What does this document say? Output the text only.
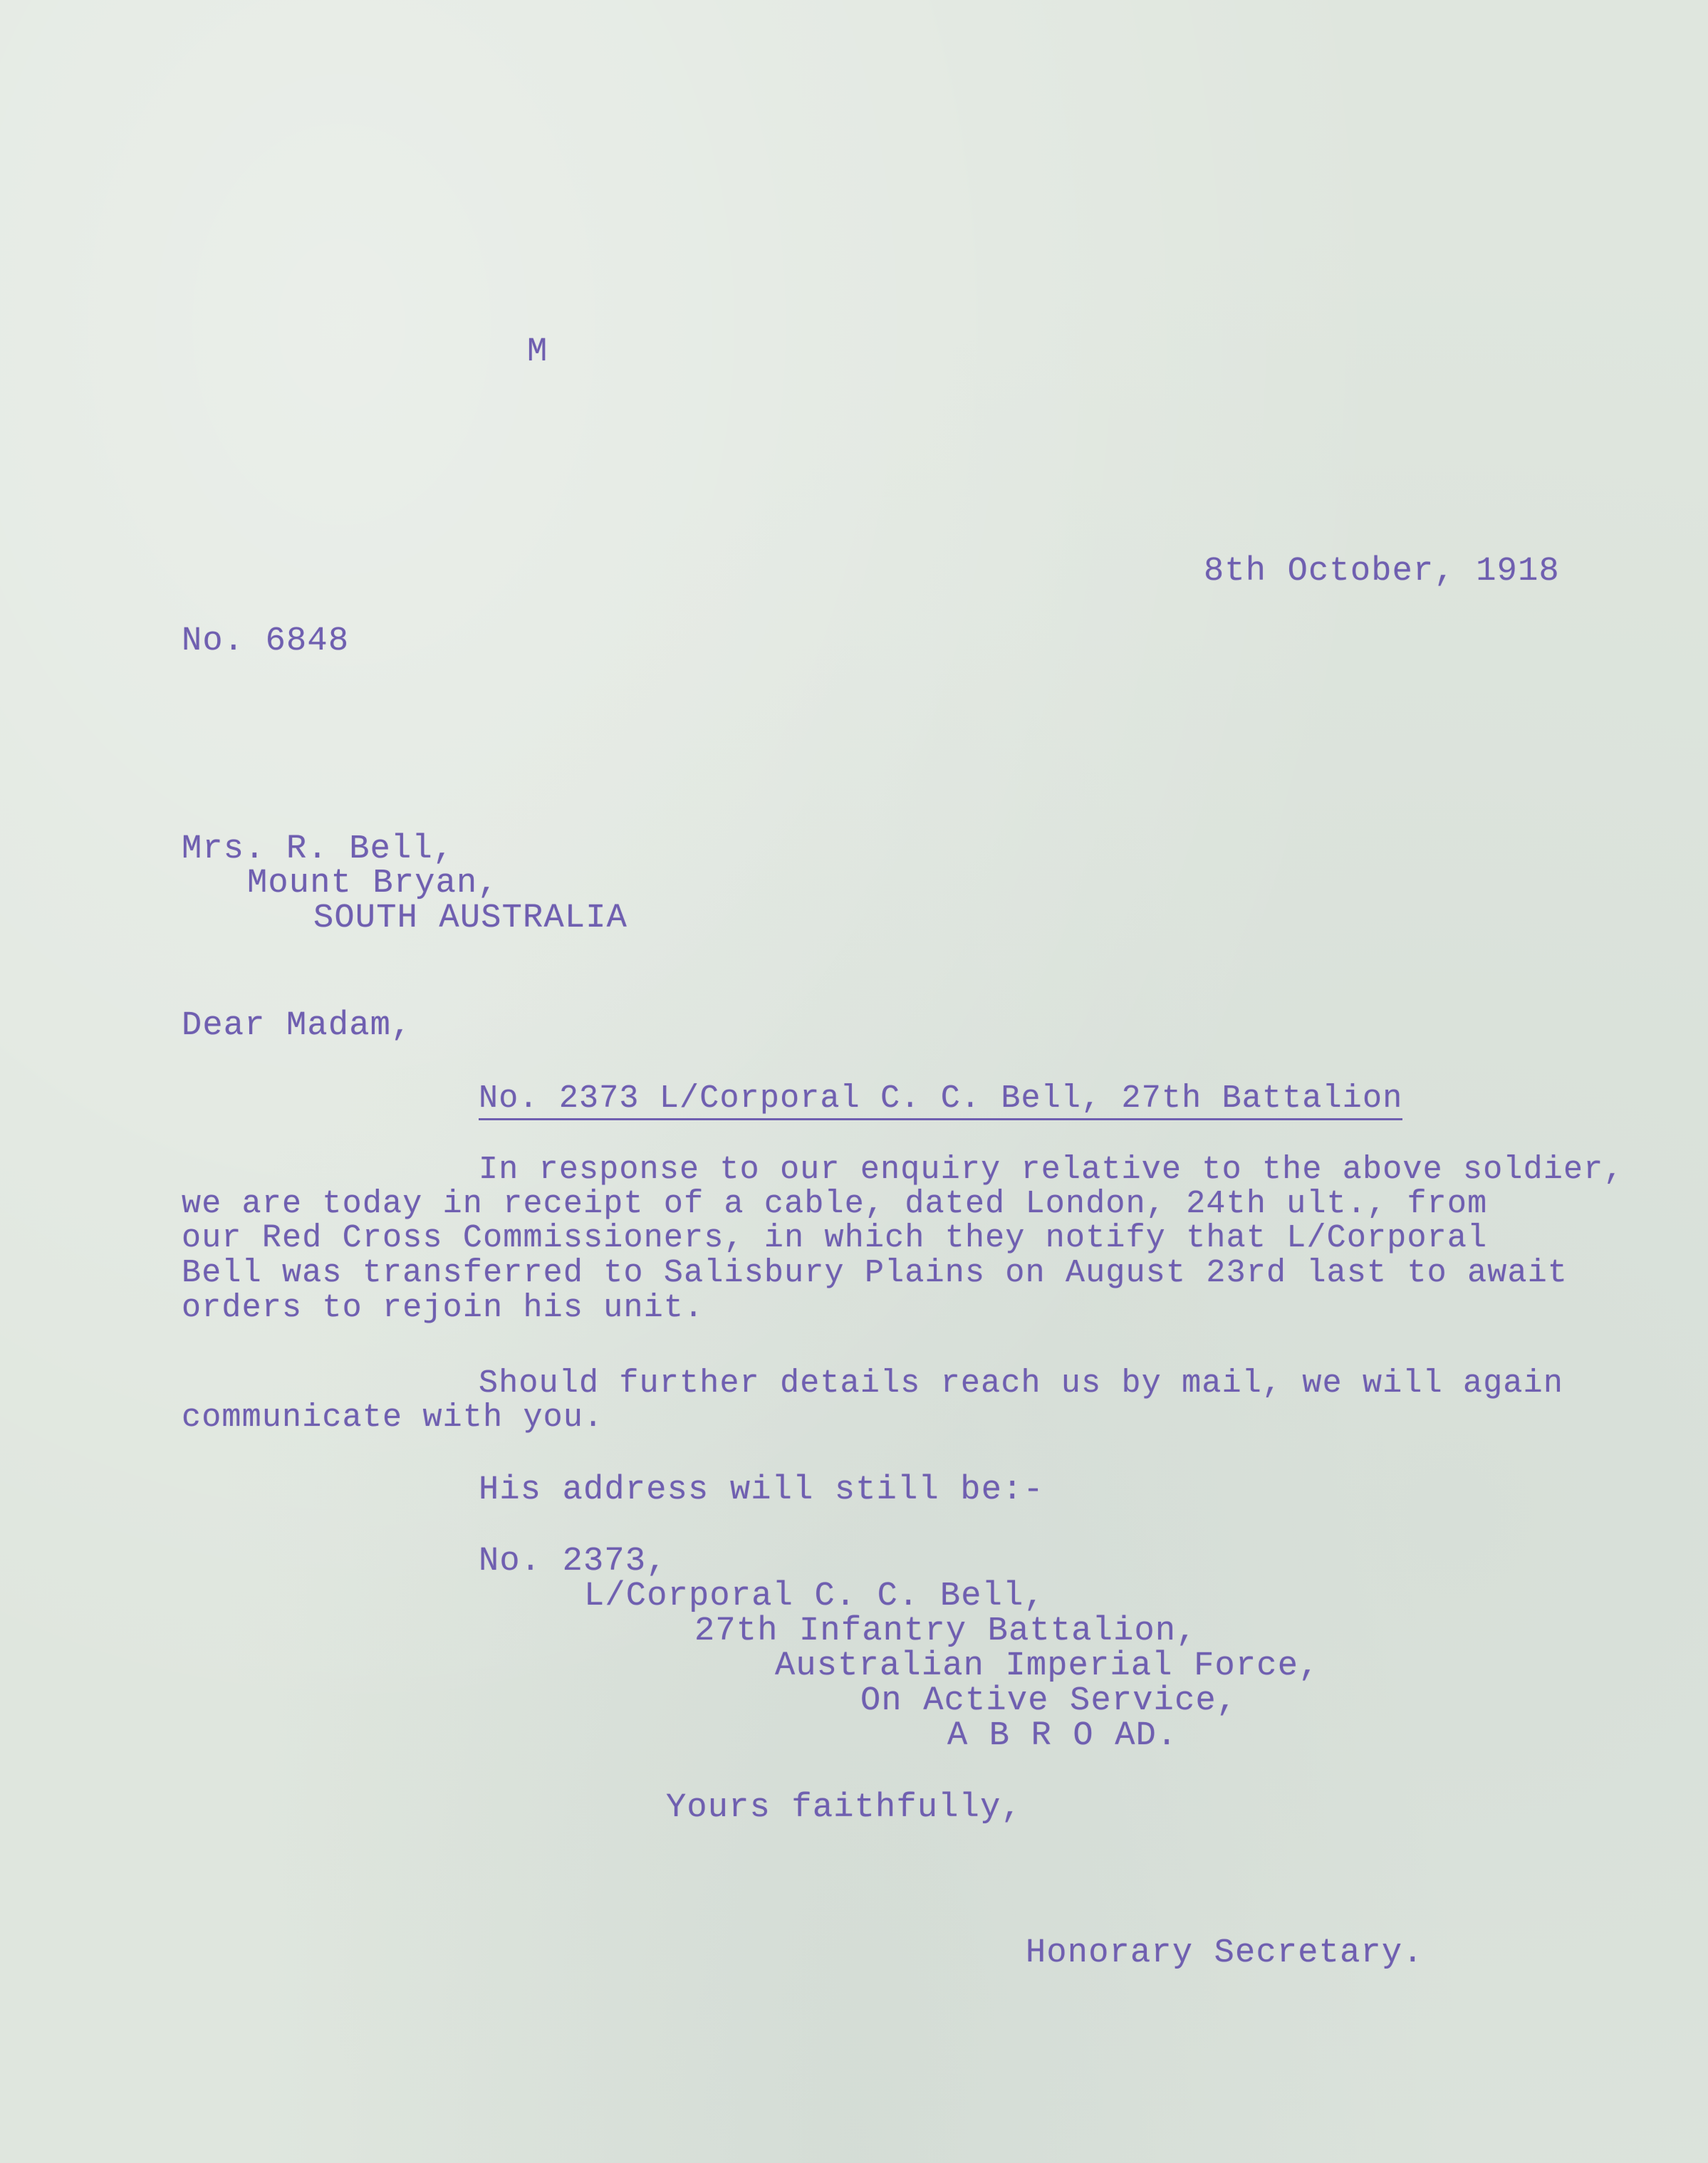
M

8th October, 1918

No. 6848

Mrs. R. Bell,

Mount Bryan,

SOUTH AUSTRALIA

Dear Madam,

No. 2373 L/Corporal C. C. Bell, 27th Battalion

In response to our enquiry relative to the above soldier,

we are today in receipt of a cable, dated London, 24th ult., from

our Red Cross Commissioners, in which they notify that L/Corporal

Bell was transferred to Salisbury Plains on August 23rd last to await

orders to rejoin his unit.

Should further details reach us by mail, we will again

communicate with you.

His address will still be:-

No. 2373,

L/Corporal C. C. Bell,

27th Infantry Battalion,

Australian Imperial Force,

On Active Service,

A B R O AD.

Yours faithfully,

Honorary Secretary.
